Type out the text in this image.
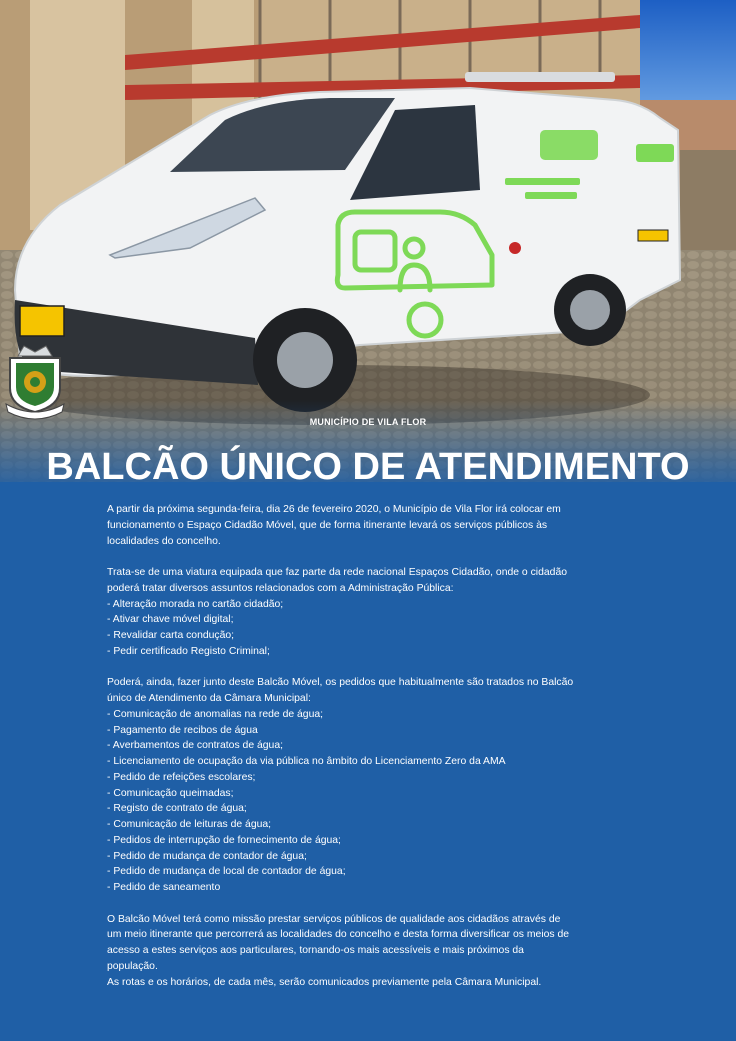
MUNICÍPIO DE VILA FLOR
BALCÃO ÚNICO DE ATENDIMENTO

A partir da próxima segunda-feira, dia 26 de fevereiro 2020, o Município de Vila Flor irá colocar em funcionamento o Espaço Cidadão Móvel, que de forma itinerante levará os serviços públicos às localidades do concelho.

Trata-se de uma viatura equipada que faz parte da rede nacional Espaços Cidadão, onde o cidadão poderá tratar diversos assuntos relacionados com a Administração Pública:

- Alteração morada no cartão cidadão;
- Ativar chave móvel digital;
- Revalidar carta condução;
- Pedir certificado Registo Criminal;

Poderá, ainda, fazer junto deste Balcão Móvel, os pedidos que habitualmente são tratados no Balcão único de Atendimento da Câmara Municipal:

- Comunicação de anomalias na rede de água;
- Pagamento de recibos de água
- Averbamentos de contratos de água;
- Licenciamento de ocupação da via pública no âmbito do Licenciamento Zero da AMA
- Pedido de refeições escolares;
- Comunicação queimadas;
- Registo de contrato de água;
- Comunicação de leituras de água;
- Pedidos de interrupção de fornecimento de água;
- Pedido de mudança de contador de água;
- Pedido de mudança de local de contador de água;
- Pedido de saneamento

O Balcão Móvel terá como missão prestar serviços públicos de qualidade aos cidadãos através de um meio itinerante que percorrerá as localidades do concelho e desta forma diversificar os meios de acesso a estes serviços aos particulares, tornando-os mais acessíveis e mais próximos da população.

As rotas e os horários, de cada mês, serão comunicados previamente pela Câmara Municipal.
